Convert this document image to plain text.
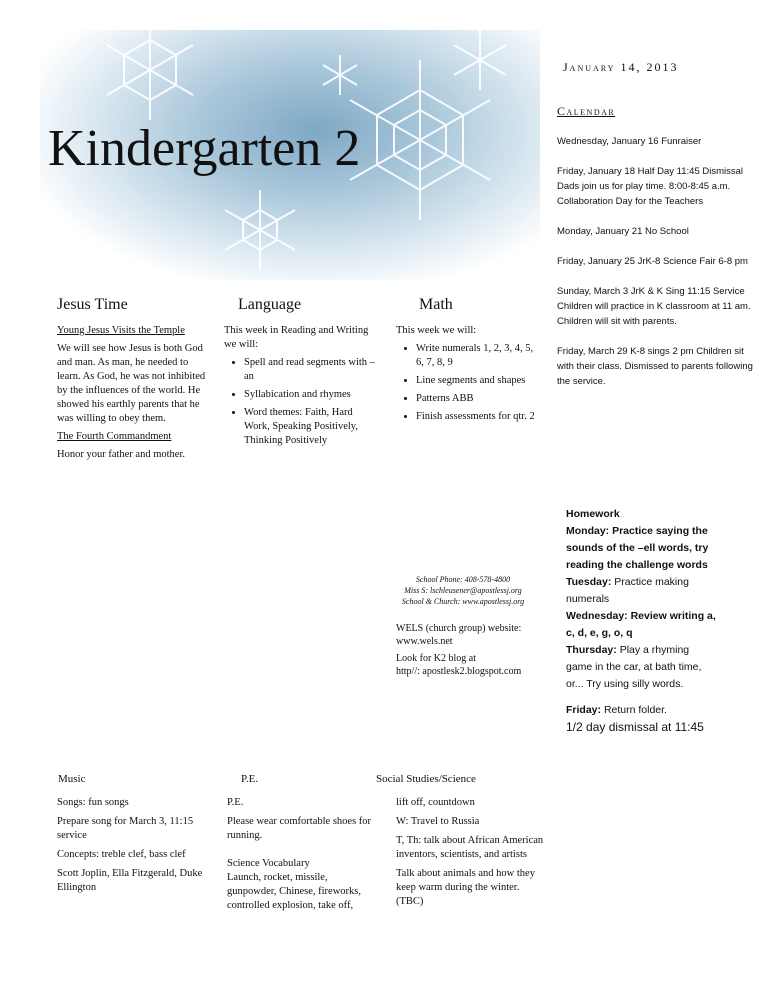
Kindergarten 2
January 14, 2013
Calendar

Wednesday, January 16 Funraiser

Friday, January 18 Half Day 11:45 Dismissal
Dads join us for play time. 8:00-8:45 a.m.

Collaboration Day for the Teachers

Monday, January 21 No School

Friday, January 25 JrK-8 Science Fair 6-8 pm

Sunday, March 3 JrK & K Sing 11:15 Service

Children will practice in K classroom at 11 am. Children will sit with parents.

Friday, March 29 K-8 sings 2 pm Children sit with their class. Dismissed to parents following the service.

Jesus Time

Young Jesus Visits the Temple

We will see how Jesus is both God and man. As man, he needed to learn. As God, he was not inhibited by the influences of the world. He showed his earthly parents that he was willing to obey them.

The Fourth Commandment

Honor your father and mother.

Language

This week in Reading and Writing we will:

• Spell and read segments with –an
• Syllabication and rhymes
• Word themes: Faith, Hard Work, Speaking Positively, Thinking Positively
Math

This week we will:

• Write numerals 1, 2, 3, 4, 5, 6, 7, 8, 9
• Line segments and shapes
• Patterns ABB
• Finish assessments for qtr. 2
School Phone: 408-578-4800
Miss S: lschleusener@apostlessj.org
School & Church: www.apostlessj.org

WELS (church group) website: www.wels.net

Look for K2 blog at
http//: apostlesk2.blogspot.com
Homework
Monday: Practice saying the sounds of the –ell words, try reading the challenge words
Tuesday: Practice making numerals
Wednesday: Review writing a, c, d, e, g, o, q
Thursday: Play a rhyming game in the car, at bath time, or... Try using silly words.
Friday: Return folder.
1/2 day dismissal at 11:45
Music

Songs: fun songs

Prepare song for March 3, 11:15 service

Concepts: treble clef, bass clef

Scott Joplin, Ella Fitzgerald, Duke Ellington

P.E.

P.E.

Please wear comfortable shoes for running.

Science Vocabulary

Launch, rocket, missile, gunpowder, Chinese, fireworks, controlled explosion, take off,

Social Studies/Science

lift off, countdown

W: Travel to Russia

T, Th: talk about African American inventors, scientists, and artists

Talk about animals and how they keep warm during the winter. (TBC)
